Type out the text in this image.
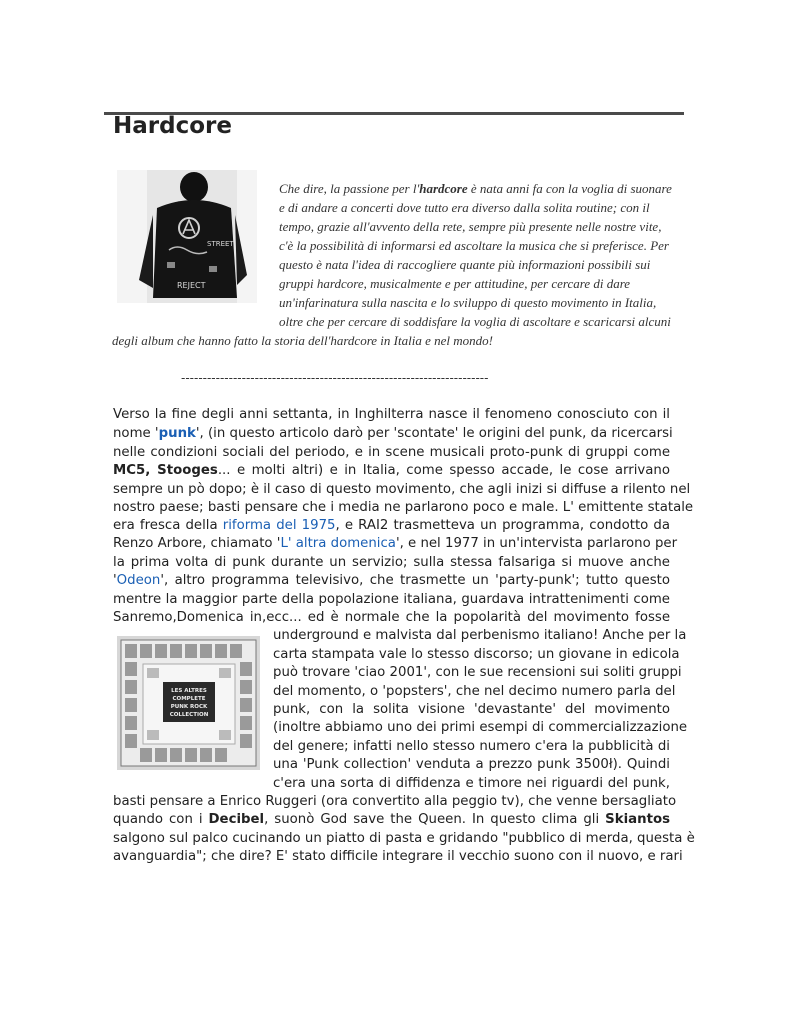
Hardcore
STREET
REJECT
Che dire, la passione per l'hardcore è nata anni fa con la voglia di suonare
e di andare a concerti dove tutto era diverso dalla solita routine; con il
tempo, grazie all'avvento della rete, sempre più presente nelle nostre vite,
c'è la possibilità di informarsi ed ascoltare la musica che si preferisce. Per
questo è nata l'idea di raccogliere quante più informazioni possibili sui
gruppi hardcore, musicalmente e per attitudine, per cercare di dare
un'infarinatura sulla nascita e lo sviluppo di questo movimento in Italia,
oltre che per cercare di soddisfare la voglia di ascoltare e scaricarsi alcuni
degli album che hanno fatto la storia dell'hardcore in Italia e nel mondo!
-----------------------------------------------------------------------
Verso la fine degli anni settanta, in Inghilterra nasce il fenomeno conosciuto con il
nome 'punk', (in questo articolo darò per 'scontate' le origini del punk, da ricercarsi
nelle condizioni sociali del periodo, e in scene musicali proto-punk di gruppi come
MC5, Stooges... e molti altri) e in Italia, come spesso accade, le cose arrivano
sempre un pò dopo; è il caso di questo movimento, che agli inizi si diffuse a rilento nel
nostro paese; basti pensare che i media ne parlarono poco e male. L' emittente statale
era fresca della riforma del 1975, e RAI2 trasmetteva un programma, condotto da
Renzo Arbore, chiamato 'L' altra domenica', e nel 1977 in un'intervista parlarono per
la prima volta di punk durante un servizio; sulla stessa falsariga si muove anche
'Odeon', altro programma televisivo, che trasmette un 'party-punk'; tutto questo
mentre la maggior parte della popolazione italiana, guardava intrattenimenti come
Sanremo,Domenica in,ecc... ed è normale che la popolarità del movimento fosse
LES ALTRES
COMPLETE
PUNK ROCK
COLLECTION
underground e malvista dal perbenismo italiano! Anche per la
carta stampata vale lo stesso discorso; un giovane in edicola
può trovare 'ciao 2001', con le sue recensioni sui soliti gruppi
del momento, o 'popsters', che nel decimo numero parla del
punk, con la solita visione 'devastante' del movimento
(inoltre abbiamo uno dei primi esempi di commercializzazione
del genere; infatti nello stesso numero c'era la pubblicità di
una 'Punk collection' venduta a prezzo punk 3500ł). Quindi
c'era una sorta di diffidenza e timore nei riguardi del punk,
basti pensare a Enrico Ruggeri (ora convertito alla peggio tv), che venne bersagliato
quando con i Decibel, suonò God save the Queen. In questo clima gli Skiantos
salgono sul palco cucinando un piatto di pasta e gridando "pubblico di merda, questa è
avanguardia"; che dire? E' stato difficile integrare il vecchio suono con il nuovo, e rari
